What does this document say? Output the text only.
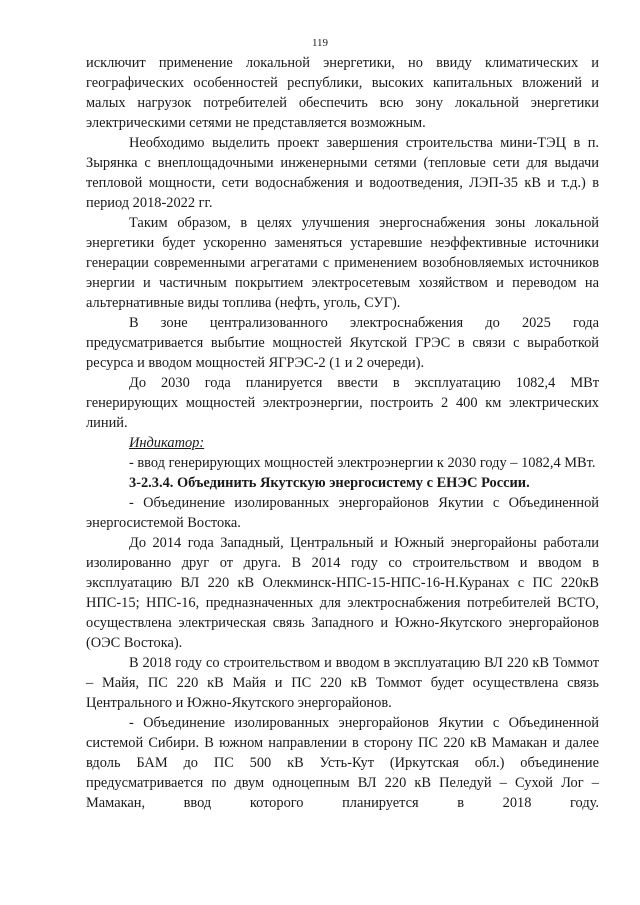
119

исключит применение локальной энергетики, но ввиду климатических и географических особенностей республики, высоких капитальных вложений и малых нагрузок потребителей обеспечить всю зону локальной энергетики электрическими сетями не представляется возможным.

Необходимо выделить проект завершения строительства мини-ТЭЦ в п. Зырянка с внеплощадочными инженерными сетями (тепловые сети для выдачи тепловой мощности, сети водоснабжения и водоотведения, ЛЭП-35 кВ и т.д.) в период 2018-2022 гг.

Таким образом, в целях улучшения энергоснабжения зоны локальной энергетики будет ускоренно заменяться устаревшие неэффективные источники генерации современными агрегатами с применением возобновляемых источников энергии и частичным покрытием электросетевым хозяйством и переводом на альтернативные виды топлива (нефть, уголь, СУГ).

В зоне централизованного электроснабжения до 2025 года предусматривается выбытие мощностей Якутской ГРЭС в связи с выработкой ресурса и вводом мощностей ЯГРЭС-2 (1 и 2 очереди).

До 2030 года планируется ввести в эксплуатацию 1082,4 МВт генерирующих мощностей электроэнергии, построить 2 400 км электрических линий.

Индикатор:

- ввод генерирующих мощностей электроэнергии к 2030 году – 1082,4 МВт.

3-2.3.4. Объединить Якутскую энергосистему с ЕНЭС России.

- Объединение изолированных энергорайонов Якутии с Объединенной энергосистемой Востока.

До 2014 года Западный, Центральный и Южный энергорайоны работали изолированно друг от друга. В 2014 году со строительством и вводом в эксплуатацию ВЛ 220 кВ Олекминск-НПС-15-НПС-16-Н.Куранах с ПС 220кВ НПС-15; НПС-16, предназначенных для электроснабжения потребителей ВСТО, осуществлена электрическая связь Западного и Южно-Якутского энергорайонов (ОЭС Востока).

В 2018 году со строительством и вводом в эксплуатацию ВЛ 220 кВ Томмот – Майя, ПС 220 кВ Майя и ПС 220 кВ Томмот будет осуществлена связь Центрального и Южно-Якутского энергорайонов.

- Объединение изолированных энергорайонов Якутии с Объединенной системой Сибири. В южном направлении в сторону ПС 220 кВ Мамакан и далее вдоль БАМ до ПС 500 кВ Усть-Кут (Иркутская обл.) объединение предусматривается по двум одноцепным ВЛ 220 кВ Пеледуй – Сухой Лог – Мамакан, ввод которого планируется в 2018 году.
